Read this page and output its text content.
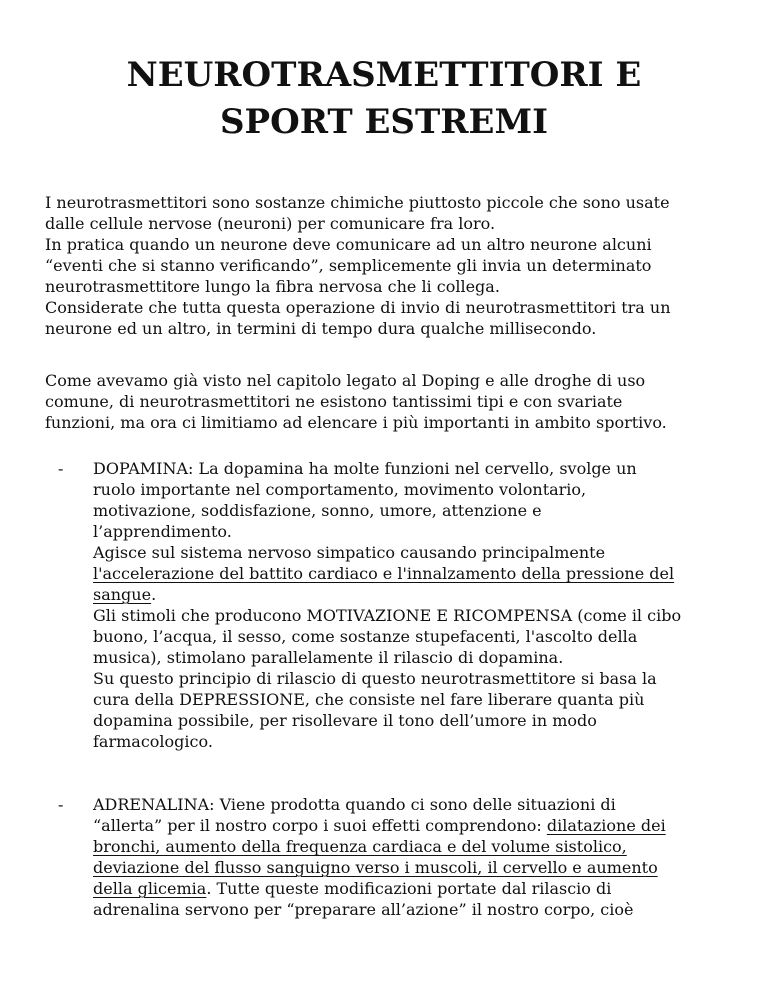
NEUROTRASMETTITORI E
SPORT ESTREMI
I neurotrasmettitori sono sostanze chimiche piuttosto piccole che sono usate
dalle cellule nervose (neuroni) per comunicare fra loro.
In pratica quando un neurone deve comunicare ad un altro neurone alcuni
“eventi che si stanno verificando”, semplicemente gli invia un determinato
neurotrasmettitore lungo la fibra nervosa che li collega.
Considerate che tutta questa operazione di invio di neurotrasmettitori tra un
neurone ed un altro, in termini di tempo dura qualche millisecondo.
Come avevamo già visto nel capitolo legato al Doping e alle droghe di uso
comune, di neurotrasmettitori ne esistono tantissimi tipi e con svariate
funzioni, ma ora ci limitiamo ad elencare i più importanti in ambito sportivo.
- DOPAMINA: La dopamina ha molte funzioni nel cervello, svolge un
ruolo importante nel comportamento, movimento volontario,
motivazione, soddisfazione, sonno, umore, attenzione e
l’apprendimento.
Agisce sul sistema nervoso simpatico causando principalmente
l'accelerazione del battito cardiaco e l'innalzamento della pressione del
sangue.
Gli stimoli che producono MOTIVAZIONE E RICOMPENSA (come il cibo
buono, l’acqua, il sesso, come sostanze stupefacenti, l'ascolto della
musica), stimolano parallelamente il rilascio di dopamina.
Su questo principio di rilascio di questo neurotrasmettitore si basa la
cura della DEPRESSIONE, che consiste nel fare liberare quanta più
dopamina possibile, per risollevare il tono dell’umore in modo
farmacologico.
- ADRENALINA: Viene prodotta quando ci sono delle situazioni di
“allerta” per il nostro corpo i suoi effetti comprendono: dilatazione dei
bronchi, aumento della frequenza cardiaca e del volume sistolico,
deviazione del flusso sanguigno verso i muscoli, il cervello e aumento
della glicemia. Tutte queste modificazioni portate dal rilascio di
adrenalina servono per “preparare all’azione” il nostro corpo, cioè
